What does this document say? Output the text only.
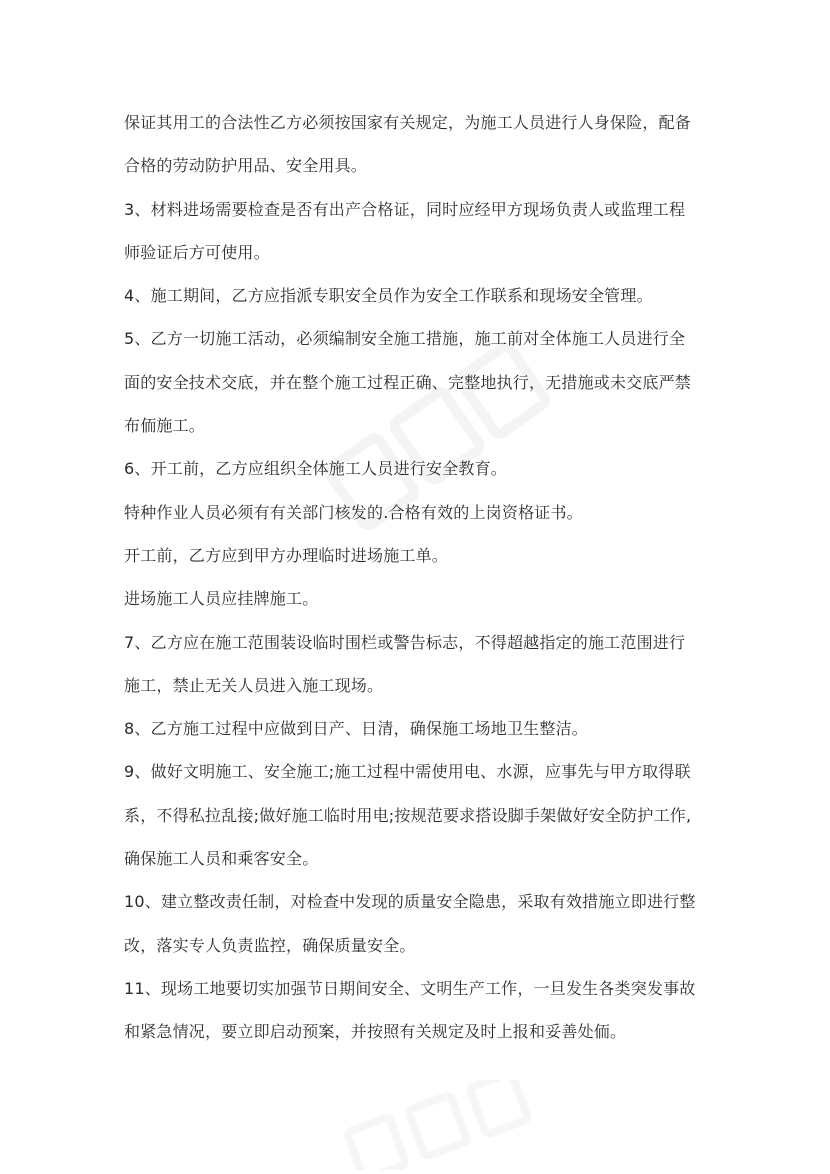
保证其用工的合法性乙方必须按国家有关规定，为施工人员进行人身保险，配备

合格的劳动防护用品、安全用具。

3、材料进场需要检查是否有出产合格证，同时应经甲方现场负责人或监理工程

师验证后方可使用。

4、施工期间，乙方应指派专职安全员作为安全工作联系和现场安全管理。

5、乙方一切施工活动，必须编制安全施工措施，施工前对全体施工人员进行全

面的安全技术交底，并在整个施工过程正确、完整地执行，无措施或未交底严禁

布侕施工。

6、开工前，乙方应组织全体施工人员进行安全教育。

特种作业人员必须有有关部门核发的.合格有效的上岗资格证书。

开工前，乙方应到甲方办理临时进场施工单。

进场施工人员应挂牌施工。

7、乙方应在施工范围装设临时围栏或警告标志，不得超越指定的施工范围进行

施工，禁止无关人员进入施工现场。

8、乙方施工过程中应做到日产、日清，确保施工场地卫生整洁。

9、做好文明施工、安全施工;施工过程中需使用电、水源，应事先与甲方取得联

系，不得私拉乱接;做好施工临时用电;按规范要求搭设脚手架做好安全防护工作,

确保施工人员和乘客安全。

10、建立整改责任制，对检查中发现的质量安全隐患，采取有效措施立即进行整

改，落实专人负责监控，确保质量安全。

11、现场工地要切实加强节日期间安全、文明生产工作，一旦发生各类突发事故

和紧急情况，要立即启动预案，并按照有关规定及时上报和妥善处侕。
